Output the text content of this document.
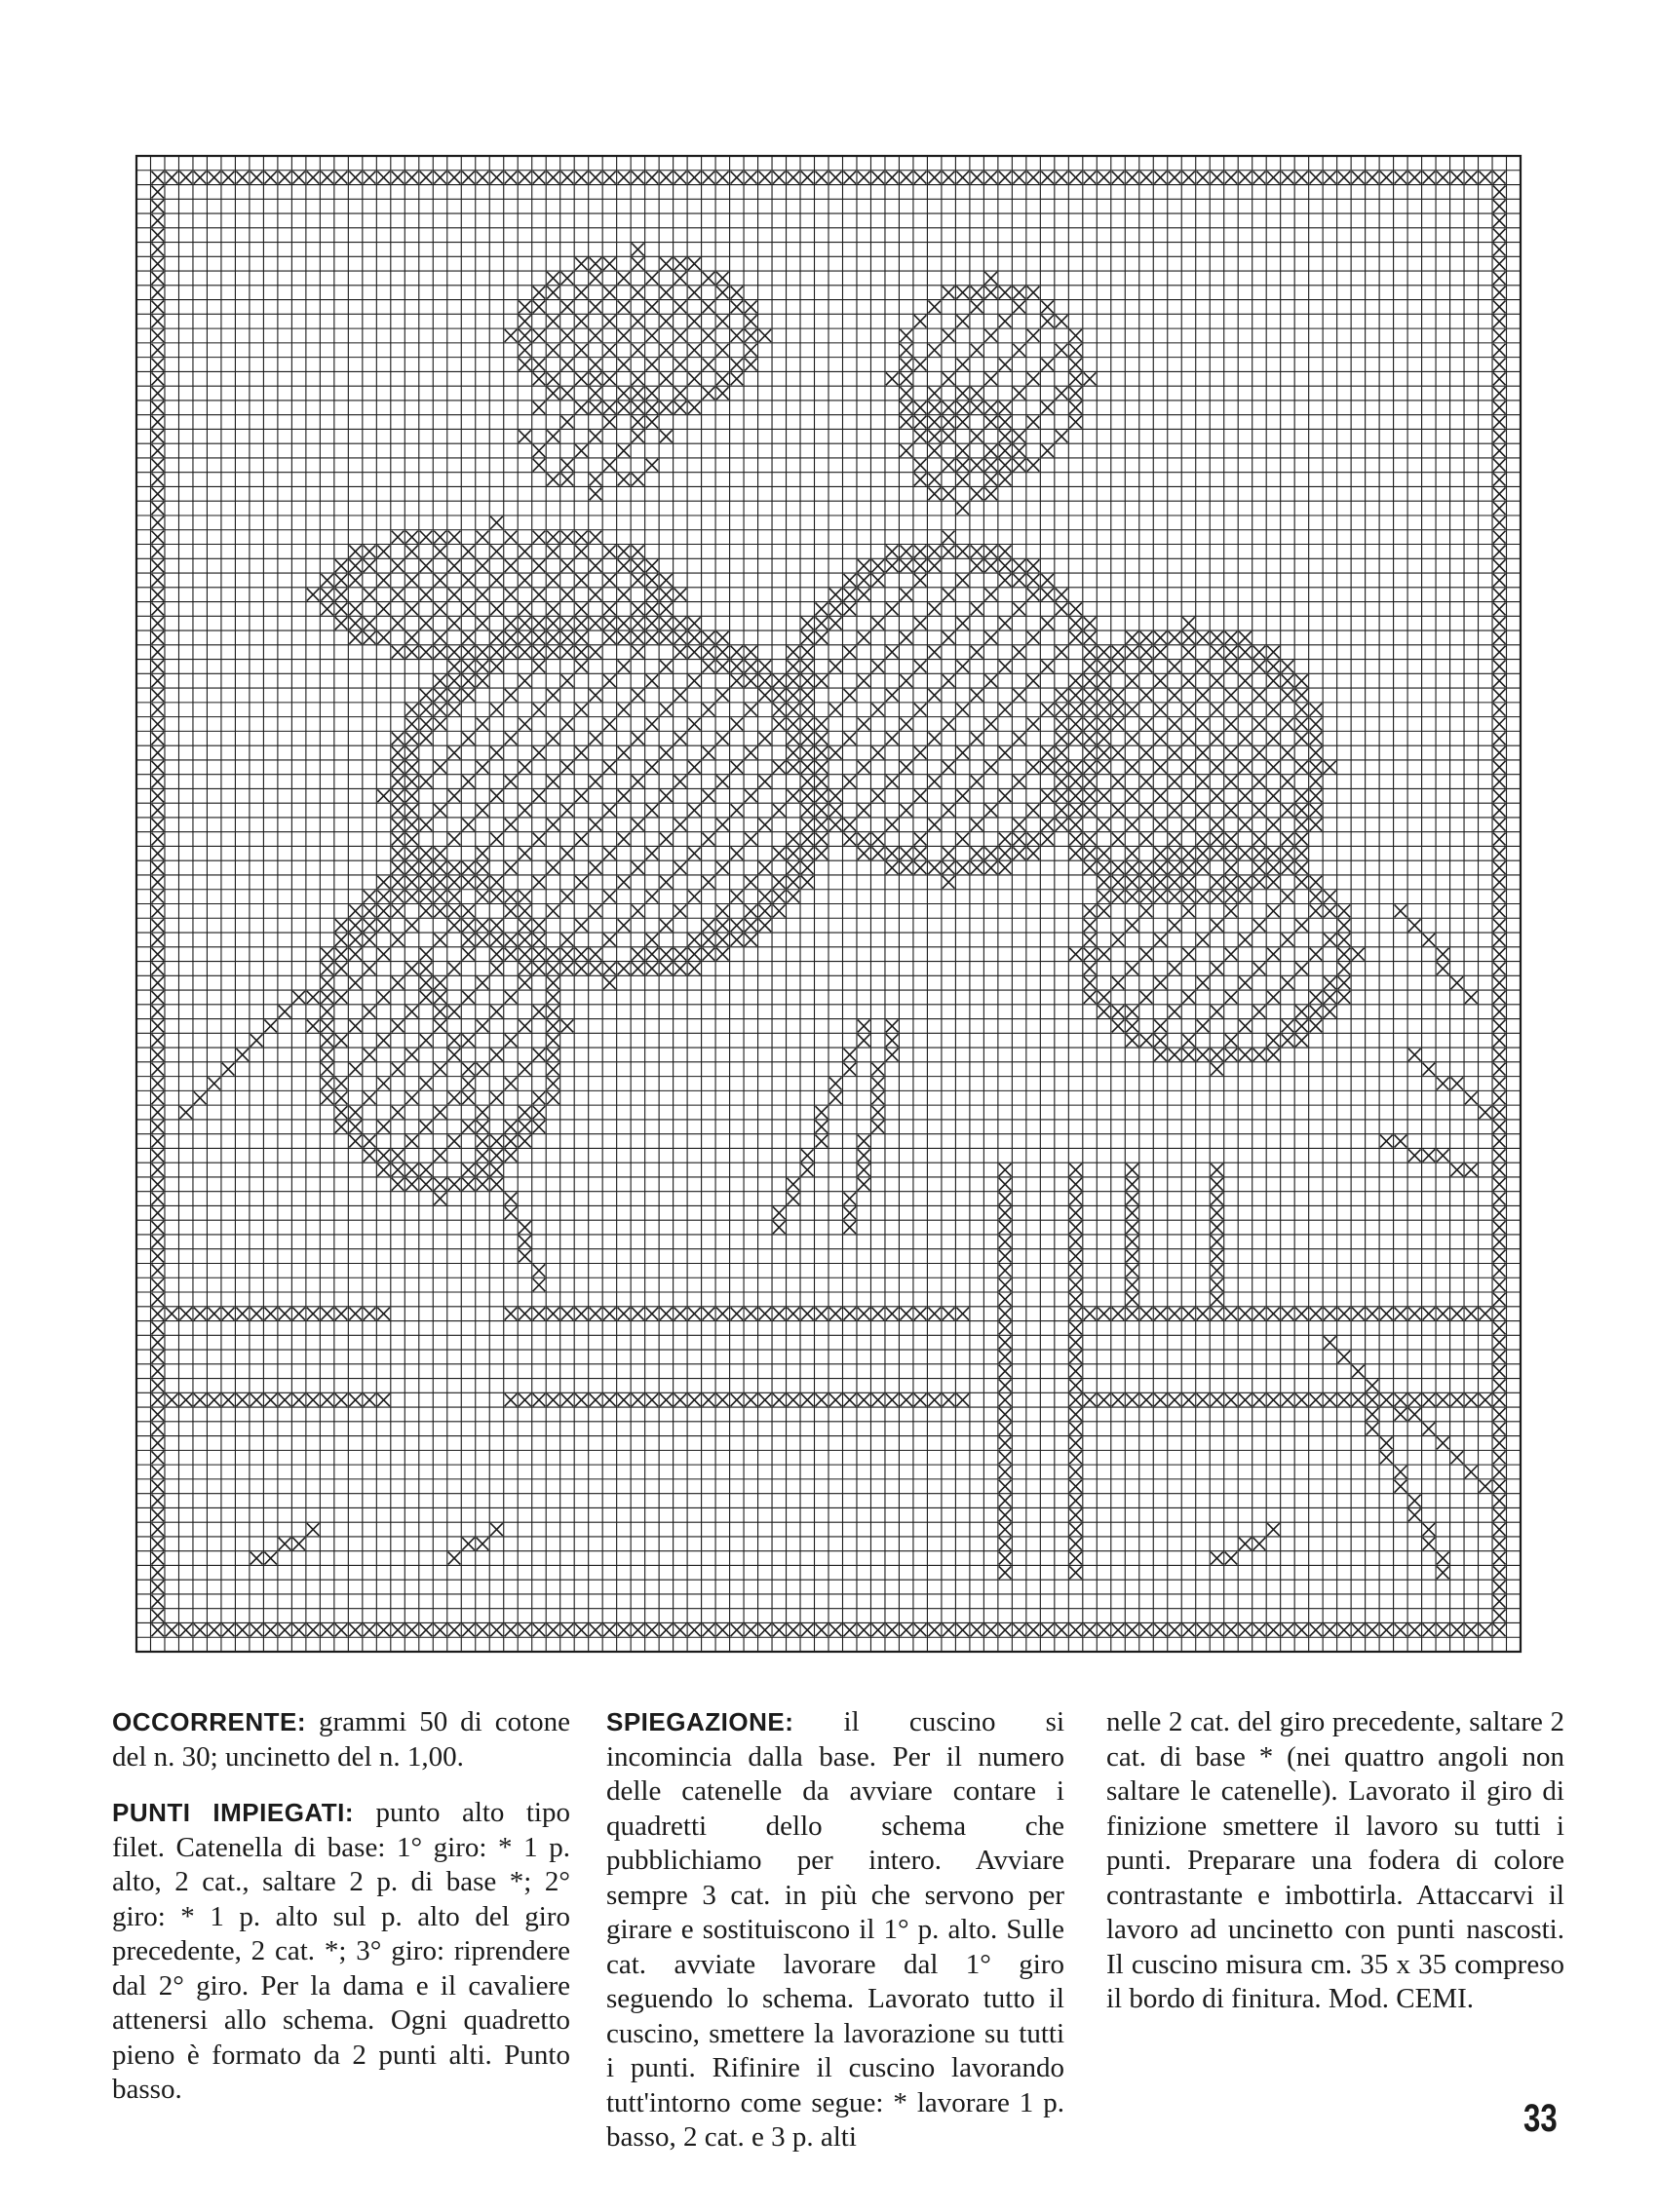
OCCORRENTE: grammi 50 di cotone del n. 30; uncinetto del n. 1,00.

PUNTI IMPIEGATI: punto alto tipo filet. Catenella di base: 1° giro: * 1 p. alto, 2 cat., saltare 2 p. di base *; 2° giro: * 1 p. alto sul p. alto del giro precedente, 2 cat. *; 3° giro: riprendere dal 2° giro. Per la dama e il cavaliere attenersi allo schema. Ogni quadretto pieno è formato da 2 punti alti. Punto basso.

SPIEGAZIONE: il cuscino si incomincia dalla base. Per il numero delle catenelle da avviare contare i quadretti dello schema che pubblichiamo per intero. Avviare sempre 3 cat. in più che servono per girare e sostituiscono il 1° p. alto. Sulle cat. avviate lavorare dal 1° giro seguendo lo schema. Lavorato tutto il cuscino, smettere la lavorazione su tutti i punti. Rifinire il cuscino lavorando tutt'intorno come segue: * lavorare 1 p. basso, 2 cat. e 3 p. alti

nelle 2 cat. del giro precedente, saltare 2 cat. di base * (nei quattro angoli non saltare le catenelle). Lavorato il giro di finizione smettere il lavoro su tutti i punti. Preparare una fodera di colore contrastante e imbottirla. Attaccarvi il lavoro ad uncinetto con punti nascosti. Il cuscino misura cm. 35 x 35 compreso il bordo di finitura. Mod. CEMI.

33
